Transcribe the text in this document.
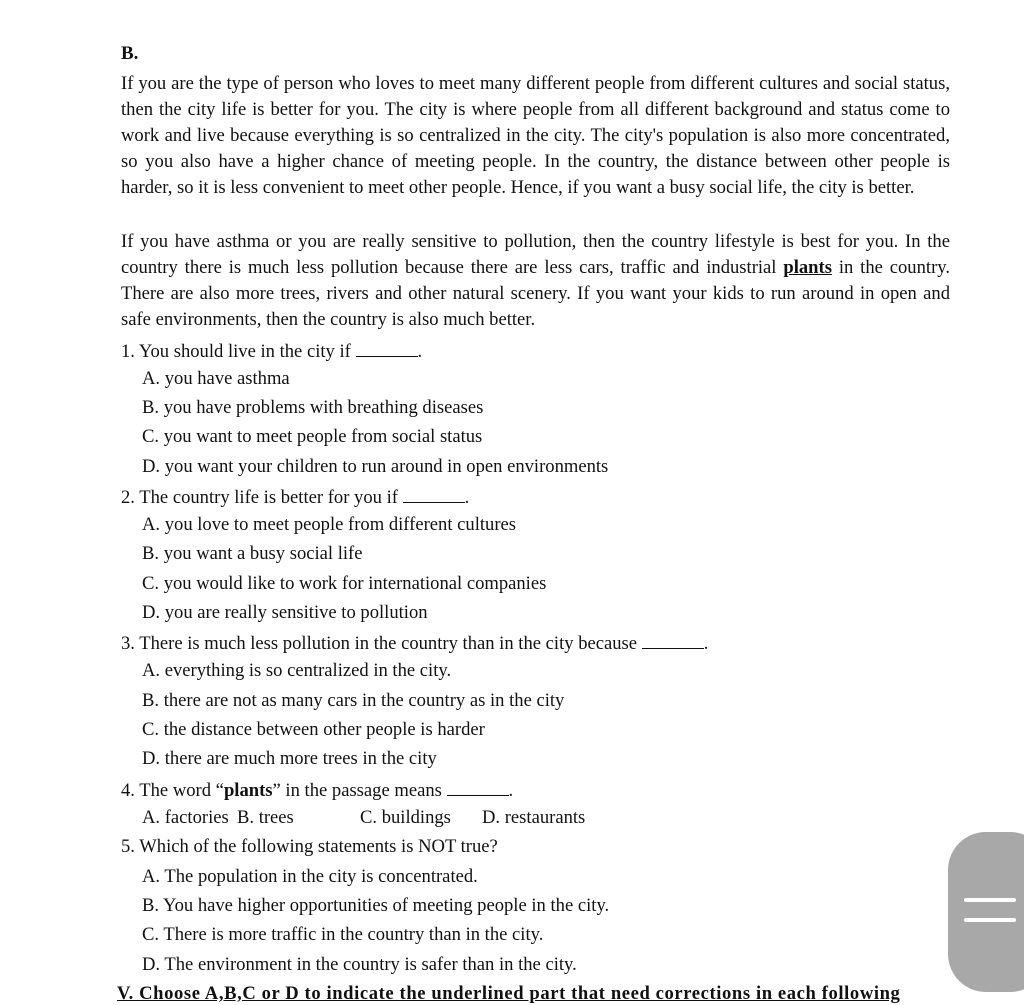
B.
If you are the type of person who loves to meet many different people from different cultures and social status, then the city life is better for you. The city is where people from all different background and status come to work and live because everything is so centralized in the city. The city's population is also more concentrated, so you also have a higher chance of meeting people. In the country, the distance between other people is harder, so it is less convenient to meet other people. Hence, if you want a busy social life, the city is better.
If you have asthma or you are really sensitive to pollution, then the country lifestyle is best for you. In the country there is much less pollution because there are less cars, traffic and industrial plants in the country. There are also more trees, rivers and other natural scenery. If you want your kids to run around in open and safe environments, then the country is also much better.
1. You should live in the city if	.
A. you have asthma
B. you have problems with breathing diseases
C. you want to meet people from social status
D. you want your children to run around in open environments
2. The country life is better for you if	.
A. you love to meet people from different cultures
B. you want a busy social life
C. you would like to work for international companies
D. you are really sensitive to pollution
3. There is much less pollution in the country than in the city because	.
A. everything is so centralized in the city.
B. there are not as many cars in the country as in the city
C. the distance between other people is harder
D. there are much more trees in the city
4. The word “plants” in the passage means	.
A. factories B. trees	C. buildings D. restaurants
5. Which of the following statements is NOT true?
A. The population in the city is concentrated.
B. You have higher opportunities of meeting people in the city.
C. There is more traffic in the country than in the city.
D. The environment in the country is safer than in the city.
V. Choose A,B,C or D to indicate the underlined part that need corrections in each following
